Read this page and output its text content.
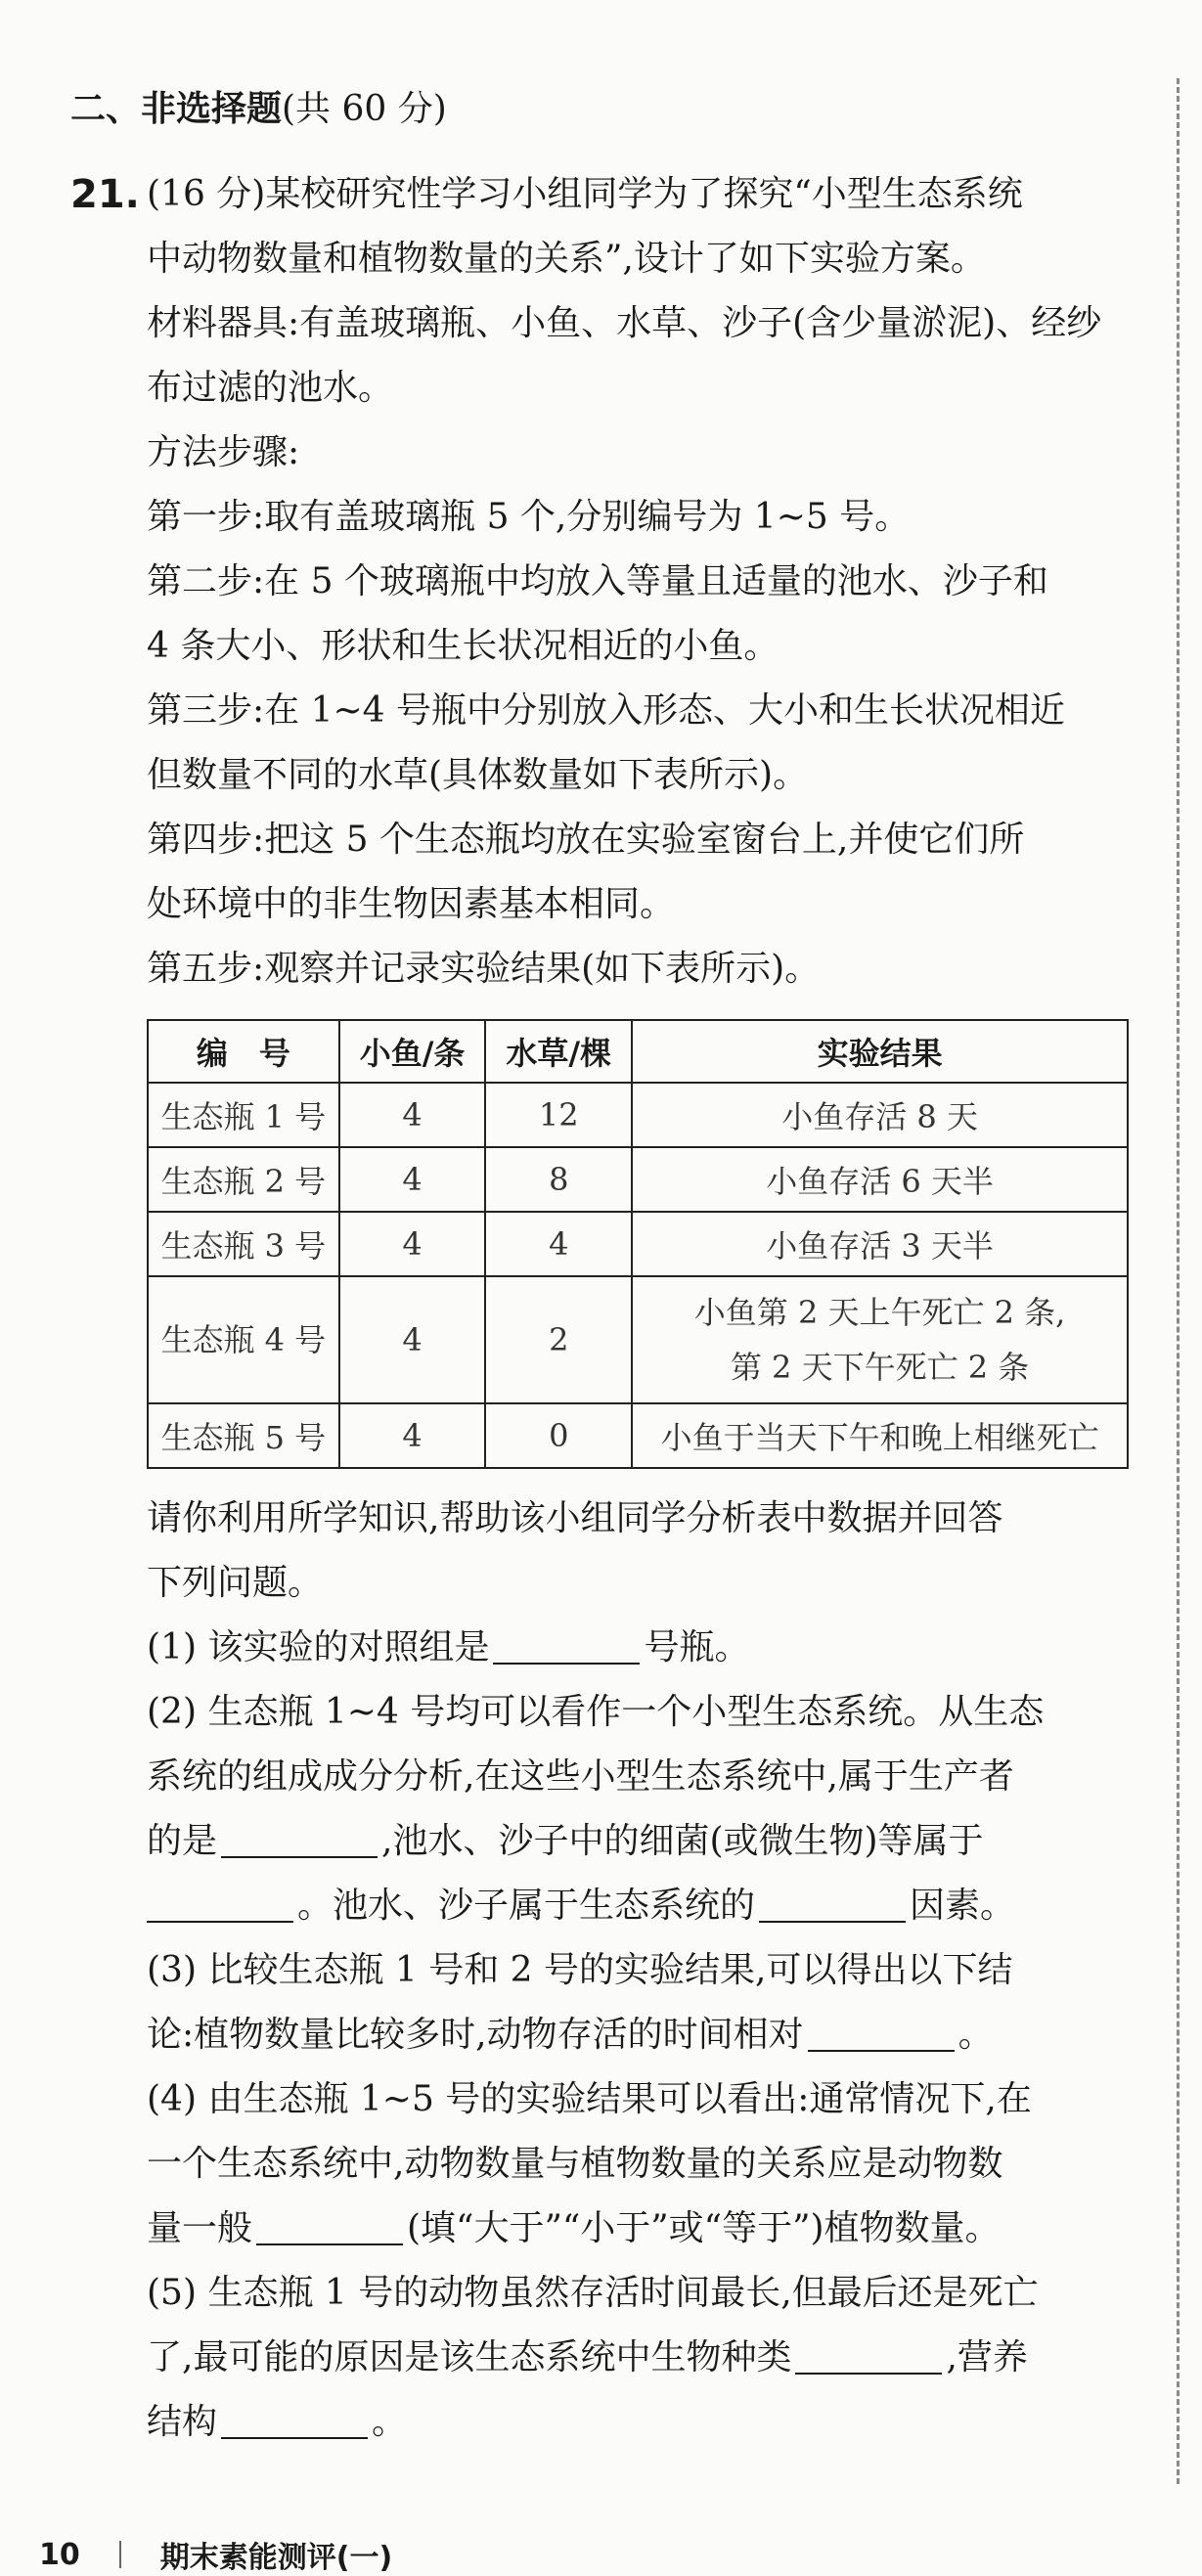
二、非选择题(共 60 分)
21. (16 分)某校研究性学习小组同学为了探究“小型生态系统

中动物数量和植物数量的关系”,设计了如下实验方案。

材料器具:有盖玻璃瓶、小鱼、水草、沙子(含少量淤泥)、经纱

布过滤的池水。

方法步骤:

第一步:取有盖玻璃瓶 5 个,分别编号为 1~5 号。

第二步:在 5 个玻璃瓶中均放入等量且适量的池水、沙子和

4 条大小、形状和生长状况相近的小鱼。

第三步:在 1~4 号瓶中分别放入形态、大小和生长状况相近

但数量不同的水草(具体数量如下表所示)。

第四步:把这 5 个生态瓶均放在实验室窗台上,并使它们所

处环境中的非生物因素基本相同。

第五步:观察并记录实验结果(如下表所示)。

编　号	小鱼/条	水草/棵	实验结果
生态瓶 1 号	4	12	小鱼存活 8 天
生态瓶 2 号	4	8	小鱼存活 6 天半
生态瓶 3 号	4	4	小鱼存活 3 天半
生态瓶 4 号	4	2	小鱼第 2 天上午死亡 2 条,
第 2 天下午死亡 2 条

生态瓶 5 号	4	0	小鱼于当天下午和晚上相继死亡

请你利用所学知识,帮助该小组同学分析表中数据并回答

下列问题。

(1) 该实验的对照组是	号瓶。

(2) 生态瓶 1~4 号均可以看作一个小型生态系统。从生态

系统的组成成分分析,在这些小型生态系统中,属于生产者

的是	,池水、沙子中的细菌(或微生物)等属于

。池水、沙子属于生态系统的	因素。

(3) 比较生态瓶 1 号和 2 号的实验结果,可以得出以下结

论:植物数量比较多时,动物存活的时间相对	。

(4) 由生态瓶 1~5 号的实验结果可以看出:通常情况下,在

一个生态系统中,动物数量与植物数量的关系应是动物数

量一般	(填“大于”“小于”或“等于”)植物数量。

(5) 生态瓶 1 号的动物虽然存活时间最长,但最后还是死亡

了,最可能的原因是该生态系统中生物种类	,营养

结构	。

10	期末素能测评(一)
